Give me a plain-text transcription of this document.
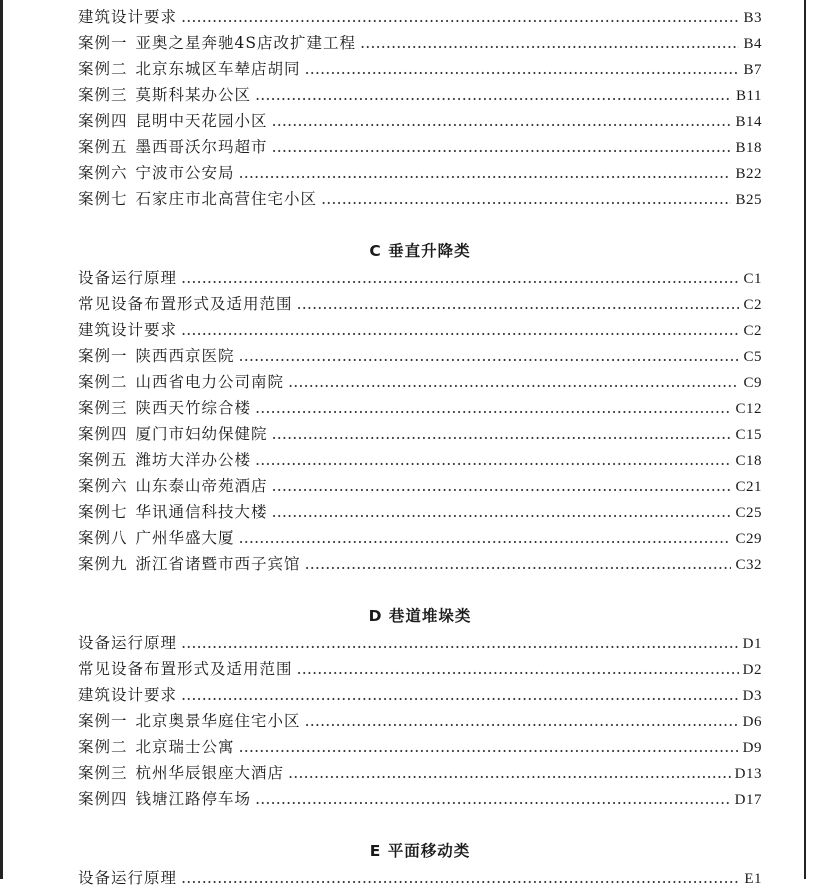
建筑设计要求 …………………………………………………………………………………………………………………………………………………………………………………………………………………………	B3
案例一 亚奥之星奔驰4S店改扩建工程 …………………………………………………………………………………………………………………………………………………………………………………………………………………………	B4
案例二 北京东城区车辇店胡同 …………………………………………………………………………………………………………………………………………………………………………………………………………………………	B7
案例三 莫斯科某办公区 …………………………………………………………………………………………………………………………………………………………………………………………………………………………	B11
案例四 昆明中天花园小区 …………………………………………………………………………………………………………………………………………………………………………………………………………………………	B14
案例五 墨西哥沃尔玛超市 …………………………………………………………………………………………………………………………………………………………………………………………………………………………	B18
案例六 宁波市公安局 …………………………………………………………………………………………………………………………………………………………………………………………………………………………	B22
案例七 石家庄市北高营住宅小区 …………………………………………………………………………………………………………………………………………………………………………………………………………………………	B25
C 垂直升降类
设备运行原理 …………………………………………………………………………………………………………………………………………………………………………………………………………………………	C1
常见设备布置形式及适用范围 …………………………………………………………………………………………………………………………………………………………………………………………………………………………	C2
建筑设计要求 …………………………………………………………………………………………………………………………………………………………………………………………………………………………	C2
案例一 陕西西京医院 …………………………………………………………………………………………………………………………………………………………………………………………………………………………	C5
案例二 山西省电力公司南院 …………………………………………………………………………………………………………………………………………………………………………………………………………………………	C9
案例三 陕西天竹综合楼 …………………………………………………………………………………………………………………………………………………………………………………………………………………………	C12
案例四 厦门市妇幼保健院 …………………………………………………………………………………………………………………………………………………………………………………………………………………………	C15
案例五 潍坊大洋办公楼 …………………………………………………………………………………………………………………………………………………………………………………………………………………………	C18
案例六 山东泰山帝苑酒店 …………………………………………………………………………………………………………………………………………………………………………………………………………………………	C21
案例七 华讯通信科技大楼 …………………………………………………………………………………………………………………………………………………………………………………………………………………………	C25
案例八 广州华盛大厦 …………………………………………………………………………………………………………………………………………………………………………………………………………………………	C29
案例九 浙江省诸暨市西子宾馆 …………………………………………………………………………………………………………………………………………………………………………………………………………………………	C32
D 巷道堆垛类
设备运行原理 …………………………………………………………………………………………………………………………………………………………………………………………………………………………	D1
常见设备布置形式及适用范围 …………………………………………………………………………………………………………………………………………………………………………………………………………………………	D2
建筑设计要求 …………………………………………………………………………………………………………………………………………………………………………………………………………………………	D3
案例一 北京奥景华庭住宅小区 …………………………………………………………………………………………………………………………………………………………………………………………………………………………	D6
案例二 北京瑞士公寓 …………………………………………………………………………………………………………………………………………………………………………………………………………………………	D9
案例三 杭州华辰银座大酒店 …………………………………………………………………………………………………………………………………………………………………………………………………………………………	D13
案例四 钱塘江路停车场 …………………………………………………………………………………………………………………………………………………………………………………………………………………………	D17
E 平面移动类
设备运行原理 …………………………………………………………………………………………………………………………………………………………………………………………………………………………	E1
